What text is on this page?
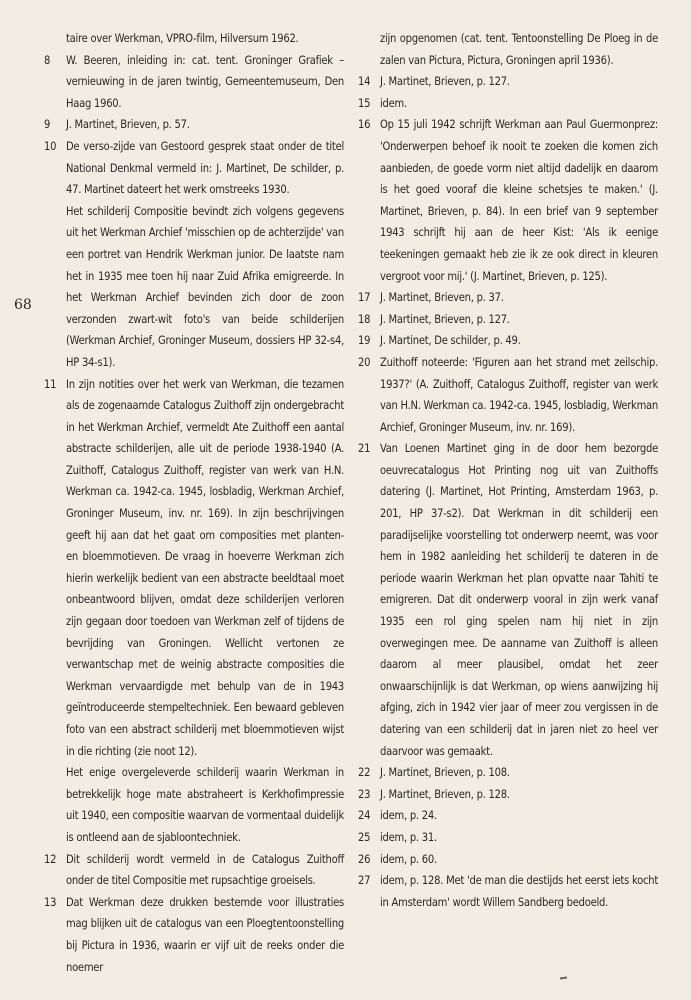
68
taire over Werkman, VPRO-film, Hilversum 1962.
8	W. Beeren, inleiding in: cat. tent. Groninger Grafiek – vernieuwing in de jaren twintig, Gemeentemuseum, Den Haag 1960.
9	J. Martinet, Brieven, p. 57.
10 De verso-zijde van Gestoord gesprek staat onder de titel National Denkmal vermeld in: J. Martinet, De schilder, p. 47. Martinet dateert het werk omstreeks 1930.
Het schilderij Compositie bevindt zich volgens gegevens uit het Werkman Archief 'misschien op de achterzijde' van een portret van Hendrik Werkman junior. De laatste nam het in 1935 mee toen hij naar Zuid Afrika emigreerde. In het Werkman Archief bevinden zich door de zoon verzonden zwart-wit foto's van beide schilderijen (Werkman Archief, Groninger Museum, dossiers HP 32-s4, HP 34-s1).
11 In zijn notities over het werk van Werkman, die tezamen als de zogenaamde Catalogus Zuithoff zijn ondergebracht in het Werkman Archief, vermeldt Ate Zuithoff een aantal abstracte schilderijen, alle uit de periode 1938-1940 (A. Zuithoff, Catalogus Zuithoff, register van werk van H.N. Werkman ca. 1942-ca. 1945, losbladig, Werkman Archief, Groninger Museum, inv. nr. 169). In zijn beschrijvingen geeft hij aan dat het gaat om composities met planten- en bloemmotieven. De vraag in hoeverre Werkman zich hierin werkelijk bedient van een abstracte beeldtaal moet onbeantwoord blijven, omdat deze schilderijen verloren zijn gegaan door toedoen van Werkman zelf of tijdens de bevrijding van Groningen. Wellicht vertonen ze verwantschap met de weinig abstracte composities die Werkman vervaardigde met behulp van de in 1943 geïntroduceerde stempeltechniek. Een bewaard gebleven foto van een abstract schilderij met bloemmotieven wijst in die richting (zie noot 12).
Het enige overgeleverde schilderij waarin Werkman in betrekkelijk hoge mate abstraheert is Kerkhofimpressie uit 1940, een compositie waarvan de vormentaal duidelijk is ontleend aan de sjabloontechniek.
12 Dit schilderij wordt vermeld in de Catalogus Zuithoff onder de titel Compositie met rupsachtige groeisels.
13 Dat Werkman deze drukken bestemde voor illustraties mag blijken uit de catalogus van een Ploegtentoonstelling bij Pictura in 1936, waarin er vijf uit de reeks onder die noemer
zijn opgenomen (cat. tent. Tentoonstelling De Ploeg in de zalen van Pictura, Pictura, Groningen april 1936).
14 J. Martinet, Brieven, p. 127.
15 idem.
16 Op 15 juli 1942 schrijft Werkman aan Paul Guermonprez: 'Onderwerpen behoef ik nooit te zoeken die komen zich aanbieden, de goede vorm niet altijd dadelijk en daarom is het goed vooraf die kleine schetsjes te maken.' (J. Martinet, Brieven, p. 84). In een brief van 9 september 1943 schrijft hij aan de heer Kist: 'Als ik eenige teekeningen gemaakt heb zie ik ze ook direct in kleuren vergroot voor mij.' (J. Martinet, Brieven, p. 125).
17 J. Martinet, Brieven, p. 37.
18 J. Martinet, Brieven, p. 127.
19 J. Martinet, De schilder, p. 49.
20 Zuithoff noteerde: 'Figuren aan het strand met zeilschip. 1937?' (A. Zuithoff, Catalogus Zuithoff, register van werk van H.N. Werkman ca. 1942-ca. 1945, losbladig, Werkman Archief, Groninger Museum, inv. nr. 169).
21 Van Loenen Martinet ging in de door hem bezorgde oeuvrecatalogus Hot Printing nog uit van Zuithoffs datering (J. Martinet, Hot Printing, Amsterdam 1963, p. 201, HP 37-s2). Dat Werkman in dit schilderij een paradijselijke voorstelling tot onderwerp neemt, was voor hem in 1982 aanleiding het schilderij te dateren in de periode waarin Werkman het plan opvatte naar Tahiti te emigreren. Dat dit onderwerp vooral in zijn werk vanaf 1935 een rol ging spelen nam hij niet in zijn overwegingen mee. De aanname van Zuithoff is alleen daarom al meer plausibel, omdat het zeer onwaarschijnlijk is dat Werkman, op wiens aanwijzing hij afging, zich in 1942 vier jaar of meer zou vergissen in de datering van een schilderij dat in jaren niet zo heel ver daarvoor was gemaakt.
22 J. Martinet, Brieven, p. 108.
23 J. Martinet, Brieven, p. 128.
24 idem, p. 24.
25 idem, p. 31.
26 idem, p. 60.
27 idem, p. 128. Met 'de man die destijds het eerst iets kocht in Amsterdam' wordt Willem Sandberg bedoeld.
